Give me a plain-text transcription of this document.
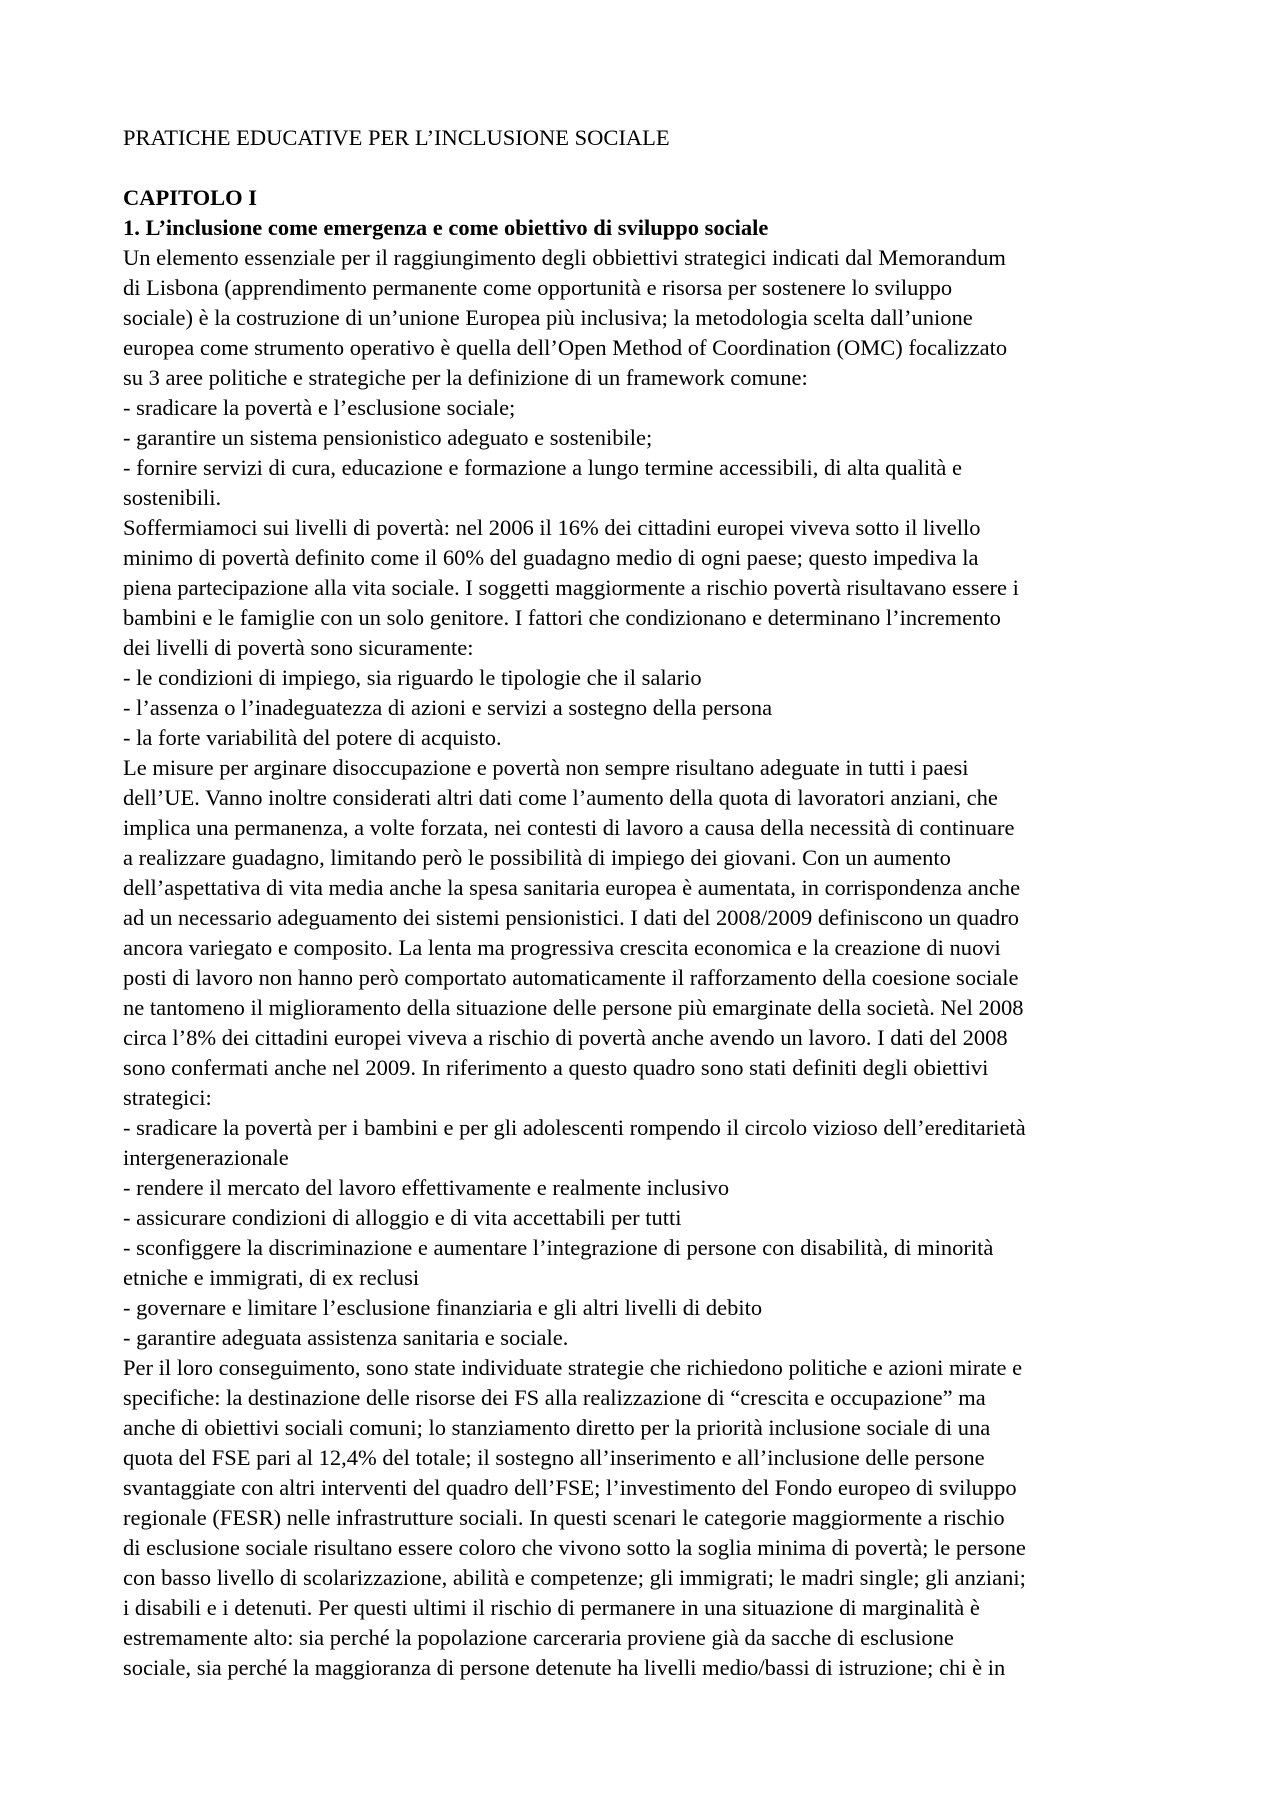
PRATICHE EDUCATIVE PER L’INCLUSIONE SOCIALE

CAPITOLO I

1. L’inclusione come emergenza e come obiettivo di sviluppo sociale

Un elemento essenziale per il raggiungimento degli obbiettivi strategici indicati dal Memorandum
di Lisbona (apprendimento permanente come opportunità e risorsa per sostenere lo sviluppo
sociale) è la costruzione di un’unione Europea più inclusiva; la metodologia scelta dall’unione
europea come strumento operativo è quella dell’Open Method of Coordination (OMC) focalizzato
su 3 aree politiche e strategiche per la definizione di un framework comune:
- sradicare la povertà e l’esclusione sociale;
- garantire un sistema pensionistico adeguato e sostenibile;
- fornire servizi di cura, educazione e formazione a lungo termine accessibili, di alta qualità e
sostenibili.
Soffermiamoci sui livelli di povertà: nel 2006 il 16% dei cittadini europei viveva sotto il livello
minimo di povertà definito come il 60% del guadagno medio di ogni paese; questo impediva la
piena partecipazione alla vita sociale. I soggetti maggiormente a rischio povertà risultavano essere i
bambini e le famiglie con un solo genitore. I fattori che condizionano e determinano l’incremento
dei livelli di povertà sono sicuramente:
- le condizioni di impiego, sia riguardo le tipologie che il salario
- l’assenza o l’inadeguatezza di azioni e servizi a sostegno della persona
- la forte variabilità del potere di acquisto.
Le misure per arginare disoccupazione e povertà non sempre risultano adeguate in tutti i paesi
dell’UE. Vanno inoltre considerati altri dati come l’aumento della quota di lavoratori anziani, che
implica una permanenza, a volte forzata, nei contesti di lavoro a causa della necessità di continuare
a realizzare guadagno, limitando però le possibilità di impiego dei giovani. Con un aumento
dell’aspettativa di vita media anche la spesa sanitaria europea è aumentata, in corrispondenza anche
ad un necessario adeguamento dei sistemi pensionistici. I dati del 2008/2009 definiscono un quadro
ancora variegato e composito. La lenta ma progressiva crescita economica e la creazione di nuovi
posti di lavoro non hanno però comportato automaticamente il rafforzamento della coesione sociale
ne tantomeno il miglioramento della situazione delle persone più emarginate della società. Nel 2008
circa l’8% dei cittadini europei viveva a rischio di povertà anche avendo un lavoro. I dati del 2008
sono confermati anche nel 2009. In riferimento a questo quadro sono stati definiti degli obiettivi
strategici:
- sradicare la povertà per i bambini e per gli adolescenti rompendo il circolo vizioso dell’ereditarietà
intergenerazionale
- rendere il mercato del lavoro effettivamente e realmente inclusivo
- assicurare condizioni di alloggio e di vita accettabili per tutti
- sconfiggere la discriminazione e aumentare l’integrazione di persone con disabilità, di minorità
etniche e immigrati, di ex reclusi
- governare e limitare l’esclusione finanziaria e gli altri livelli di debito
- garantire adeguata assistenza sanitaria e sociale.
Per il loro conseguimento, sono state individuate strategie che richiedono politiche e azioni mirate e
specifiche: la destinazione delle risorse dei FS alla realizzazione di “crescita e occupazione” ma
anche di obiettivi sociali comuni; lo stanziamento diretto per la priorità inclusione sociale di una
quota del FSE pari al 12,4% del totale; il sostegno all’inserimento e all’inclusione delle persone
svantaggiate con altri interventi del quadro dell’FSE; l’investimento del Fondo europeo di sviluppo
regionale (FESR) nelle infrastrutture sociali. In questi scenari le categorie maggiormente a rischio
di esclusione sociale risultano essere coloro che vivono sotto la soglia minima di povertà; le persone
con basso livello di scolarizzazione, abilità e competenze; gli immigrati; le madri single; gli anziani;
i disabili e i detenuti. Per questi ultimi il rischio di permanere in una situazione di marginalità è
estremamente alto: sia perché la popolazione carceraria proviene già da sacche di esclusione
sociale, sia perché la maggioranza di persone detenute ha livelli medio/bassi di istruzione; chi è in
